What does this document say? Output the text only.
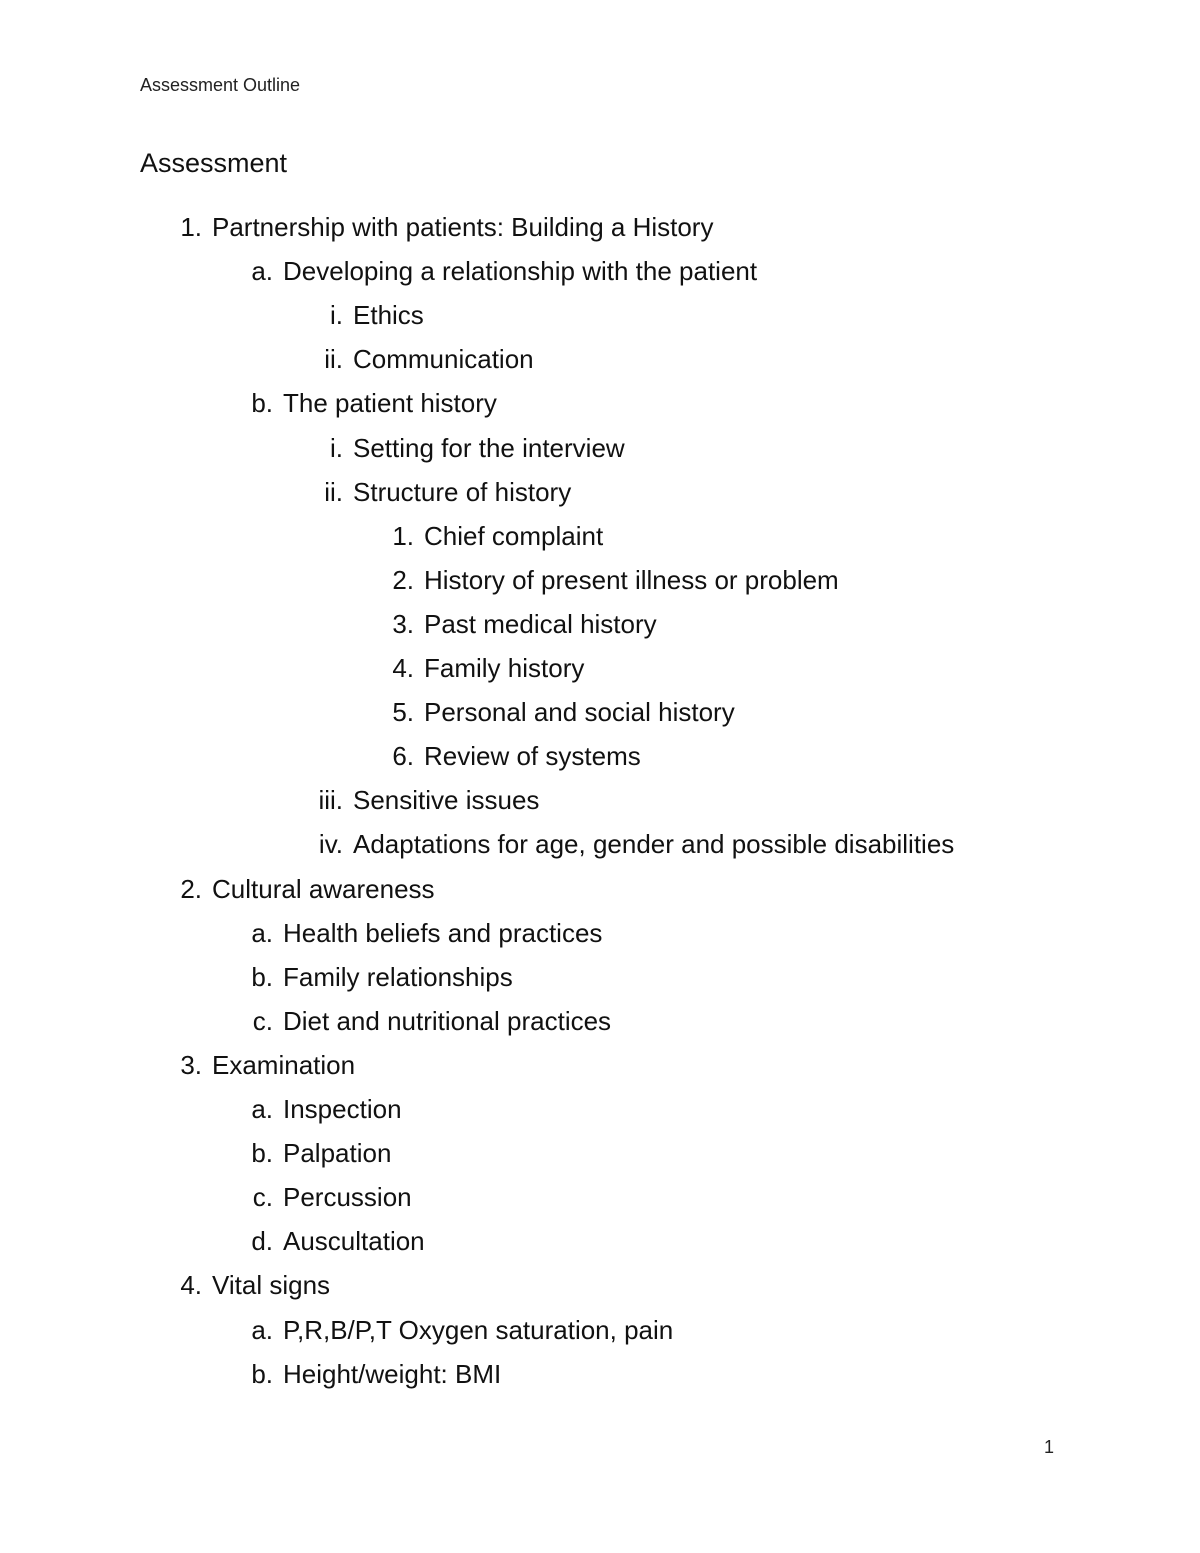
Assessment Outline
Assessment
1. Partnership with patients: Building a History
a. Developing a relationship with the patient
i. Ethics
ii. Communication
b. The patient history
i. Setting for the interview
ii. Structure of history
1. Chief complaint
2. History of present illness or problem
3. Past medical history
4. Family history
5. Personal and social history
6. Review of systems
iii. Sensitive issues
iv. Adaptations for age, gender and possible disabilities
2. Cultural awareness
a. Health beliefs and practices
b. Family relationships
c. Diet and nutritional practices
3. Examination
a. Inspection
b. Palpation
c. Percussion
d. Auscultation
4. Vital signs
a. P,R,B/P,T Oxygen saturation, pain
b. Height/weight: BMI
1
